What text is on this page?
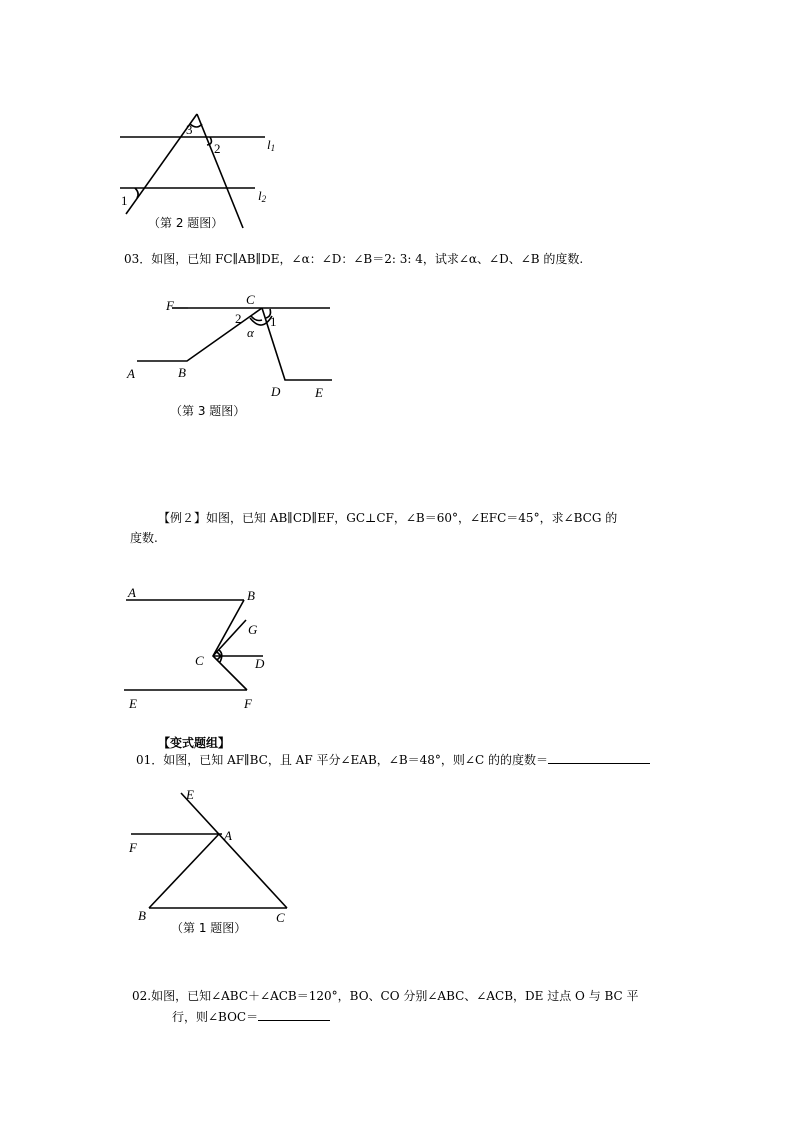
3
2
1
l1
l2
（第 2 题图）
03．如图，已知 FC∥AB∥DE，∠α：∠D：∠B＝2: 3: 4，试求∠α、∠D、∠B 的度数.
F	C
2 1
α
A	B
D	E
（第 3 题图）
【例２】如图，已知 AB∥CD∥EF，GC⊥CF，∠B＝60°，∠EFC＝45°，求∠BCG 的
度数.
A	B
G
C	D
E	F
【变式题组】
01．如图，已知 AF∥BC，且 AF 平分∠EAB，∠B＝48°，则∠C 的的度数＝
E
A
F
B	C
（第 1 题图）
02.如图，已知∠ABC＋∠ACB＝120°，BO、CO 分别∠ABC、∠ACB，DE 过点 O 与 BC 平
行，则∠BOC＝
